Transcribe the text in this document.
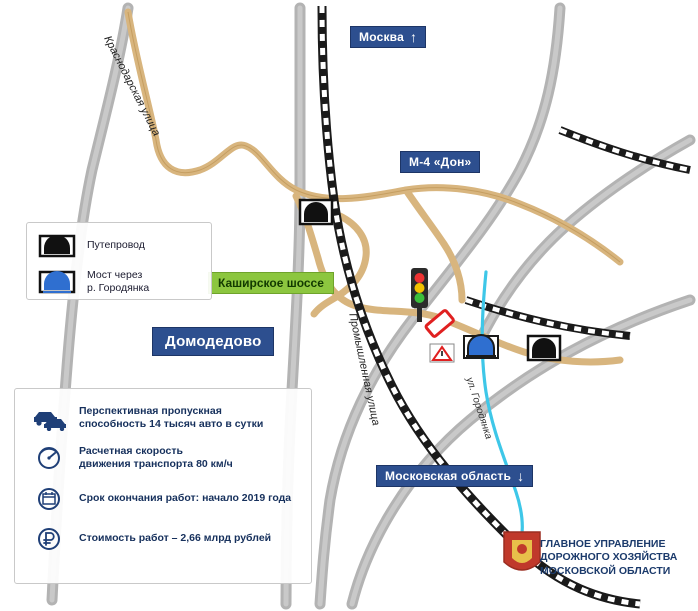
Москва ↑
М-4 «Дон»
Домодедово
Московская область ↓
Каширское шоссе
Краснодарская улица
Промышленная улица	ул. Городянка
Путепровод
Мост через
р. Городянка
Перспективная пропускная
способность 14 тысяч авто в сутки
Расчетная скорость
движения транспорта 80 км/ч
Срок окончания работ: начало 2019 года
Стоимость работ – 2,66 млрд рублей
ГЛАВНОЕ УПРАВЛЕНИЕ
ДОРОЖНОГО ХОЗЯЙСТВА
МОСКОВСКОЙ ОБЛАСТИ
